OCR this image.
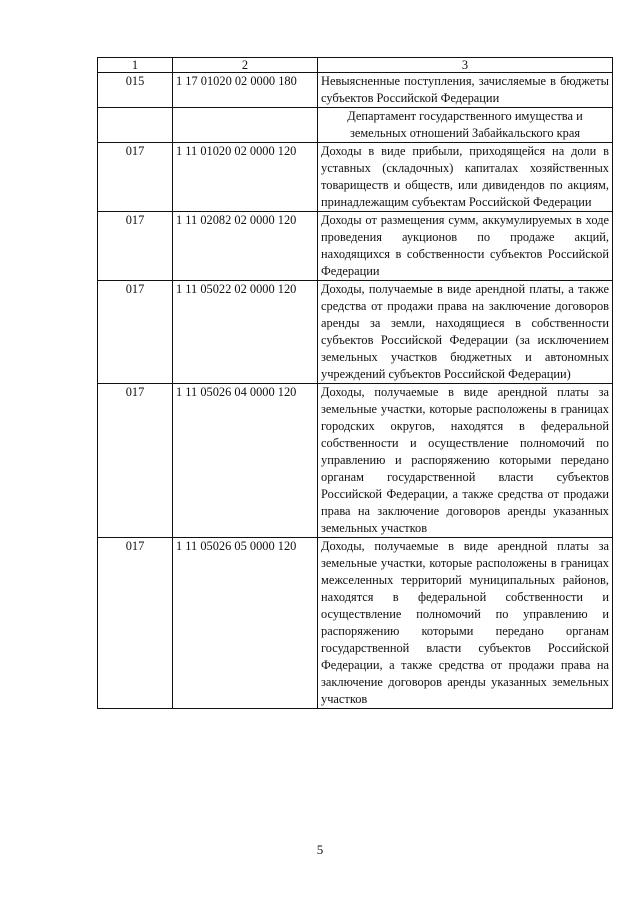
1	2	3
015	1 17 01020 02 0000 180	Невыясненные поступления, зачисляемые в бюджеты субъектов Российской Федерации
		Департамент государственного имущества и земельных отношений Забайкальского края
017	1 11 01020 02 0000 120	Доходы в виде прибыли, приходящейся на доли в уставных (складочных) капиталах хозяйственных товариществ и обществ, или дивидендов по акциям, принадлежащим субъектам Российской Федерации
017	1 11 02082 02 0000 120	Доходы от размещения сумм, аккумулируемых в ходе проведения аукционов по продаже акций, находящихся в собственности субъектов Российской Федерации
017	1 11 05022 02 0000 120	Доходы, получаемые в виде арендной платы, а также средства от продажи права на заключение договоров аренды за земли, находящиеся в собственности субъектов Российской Федерации (за исключением земельных участков бюджетных и автономных учреждений субъектов Российской Федерации)
017	1 11 05026 04 0000 120	Доходы, получаемые в виде арендной платы за земельные участки, которые расположены в границах городских округов, находятся в федеральной собственности и осуществление полномочий по управлению и распоряжению которыми передано органам государственной власти субъектов Российской Федерации, а также средства от продажи права на заключение договоров аренды указанных земельных участков
017	1 11 05026 05 0000 120	Доходы, получаемые в виде арендной платы за земельные участки, которые расположены в границах межселенных территорий муниципальных районов, находятся в федеральной собственности и осуществление полномочий по управлению и распоряжению которыми передано органам государственной власти субъектов Российской Федерации, а также средства от продажи права на заключение договоров аренды указанных земельных участков
5
